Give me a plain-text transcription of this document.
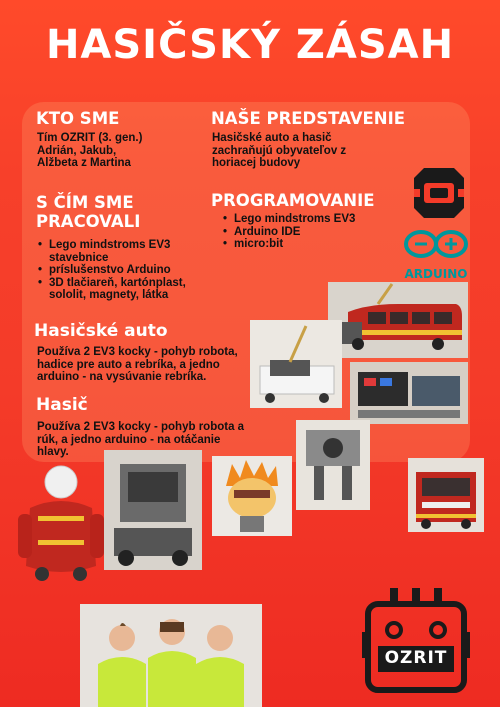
HASIČSKÝ ZÁSAH
KTO SME
Tím OZRIT (3. gen.)
Adrián, Jakub,
Alžbeta z Martina
NAŠE PREDSTAVENIE
Hasičské auto a hasič
zachraňujú obyvateľov z
horiacej budovy
S ČÍM SME
PRACOVALI
• Lego mindstroms EV3
stavebnice
• príslušenstvo Arduino
• 3D tlačiareň, kartónplast,
sololit, magnety, látka
PROGRAMOVANIE
• Lego mindstroms EV3
• Arduino IDE
• micro:bit
Hasičské auto
Používa 2 EV3 kocky - pohyb robota,
hadice pre auto a rebríka, a jedno
arduino - na vysúvanie rebríka.
Hasič
Používa 2 EV3 kocky - pohyb robota a
rúk, a jedno arduino - na otáčanie
hlavy.
ARDUINO
OZRIT
